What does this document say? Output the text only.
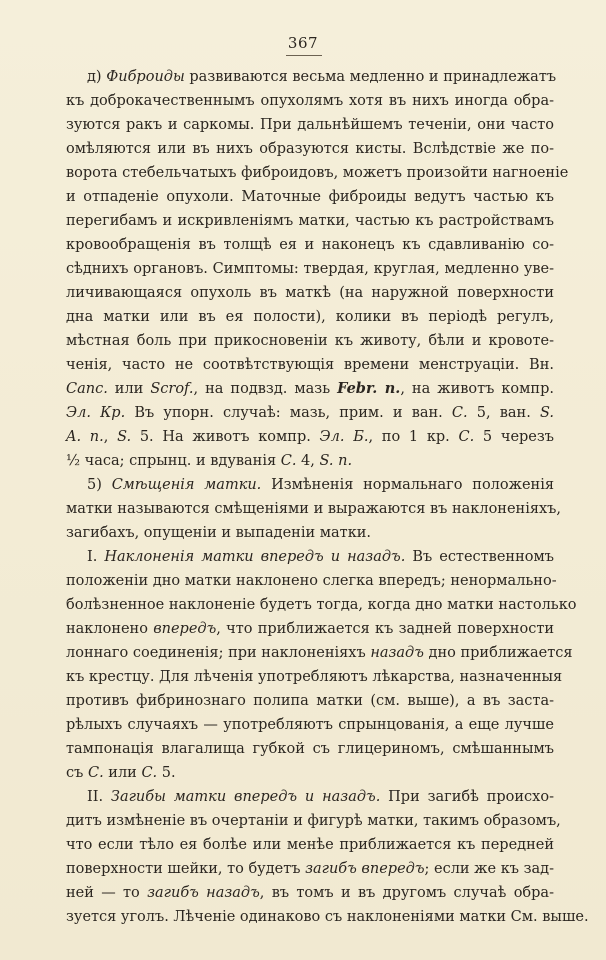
367
д) Фиброиды развиваются весьма медленно и принадлежатъ
къ доброкачественнымъ опухолямъ хотя въ нихъ иногда обра-
зуются ракъ и саркомы. При дальнѣйшемъ теченіи, они часто
омѣляются или въ нихъ образуются кисты. Вслѣдствіе же по-
ворота стебельчатыхъ фиброидовъ, можетъ произойти нагноеніе
и отпаденіе опухоли. Маточные фиброиды ведутъ частью къ
перегибамъ и искривленіямъ матки, частью къ растройствамъ
кровообращенія въ толщѣ ея и наконецъ къ сдавливанію со-
сѣднихъ органовъ. Симптомы: твердая, круглая, медленно уве-
личивающаяся опухоль въ маткѣ (на наружной поверхности
дна матки или въ ея полости), колики въ періодѣ регулъ,
мѣстная боль при прикосновеніи къ животу, бѣли и кровоте-
ченія, часто не соотвѣтствующія времени менструаціи. Вн.
Canc. или Scrof., на подвзд. мазь Febr. n., на животъ компр.
Эл. Кр. Въ упорн. случаѣ: мазь, прим. и ван. С. 5, ван. S.
A. n., S. 5. На животъ компр. Эл. Б., по 1 кр. С. 5 черезъ
½ часа; спрынц. и вдуванія С. 4, S. n.
5) Смѣщенія матки. Измѣненія нормальнаго положенія
матки называются смѣщеніями и выражаются въ наклоненіяхъ,
загибахъ, опущеніи и выпаденіи матки.
I. Наклоненія матки впередъ и назадъ. Въ естественномъ
положеніи дно матки наклонено слегка впередъ; ненормально-
болѣзненное наклоненіе будетъ тогда, когда дно матки настолько
наклонено впередъ, что приближается къ задней поверхности
лоннаго соединенія; при наклоненіяхъ назадъ дно приближается
къ крестцу. Для лѣченія употребляютъ лѣкарства, назначенныя
противъ фибринознаго полипа матки (см. выше), а въ заста-
рѣлыхъ случаяхъ — употребляютъ спрынцованія, а еще лучше
тампонація влагалища губкой съ глицериномъ, смѣшаннымъ
съ С. или С. 5.
II. Загибы матки впередъ и назадъ. При загибѣ происхо-
дитъ измѣненіе въ очертаніи и фигурѣ матки, такимъ образомъ,
что если тѣло ея болѣе или менѣе приближается къ передней
поверхности шейки, то будетъ загибъ впередъ; если же къ зад-
ней — то загибъ назадъ, въ томъ и въ другомъ случаѣ обра-
зуется уголъ. Лѣченіе одинаково съ наклоненіями матки См. выше.
